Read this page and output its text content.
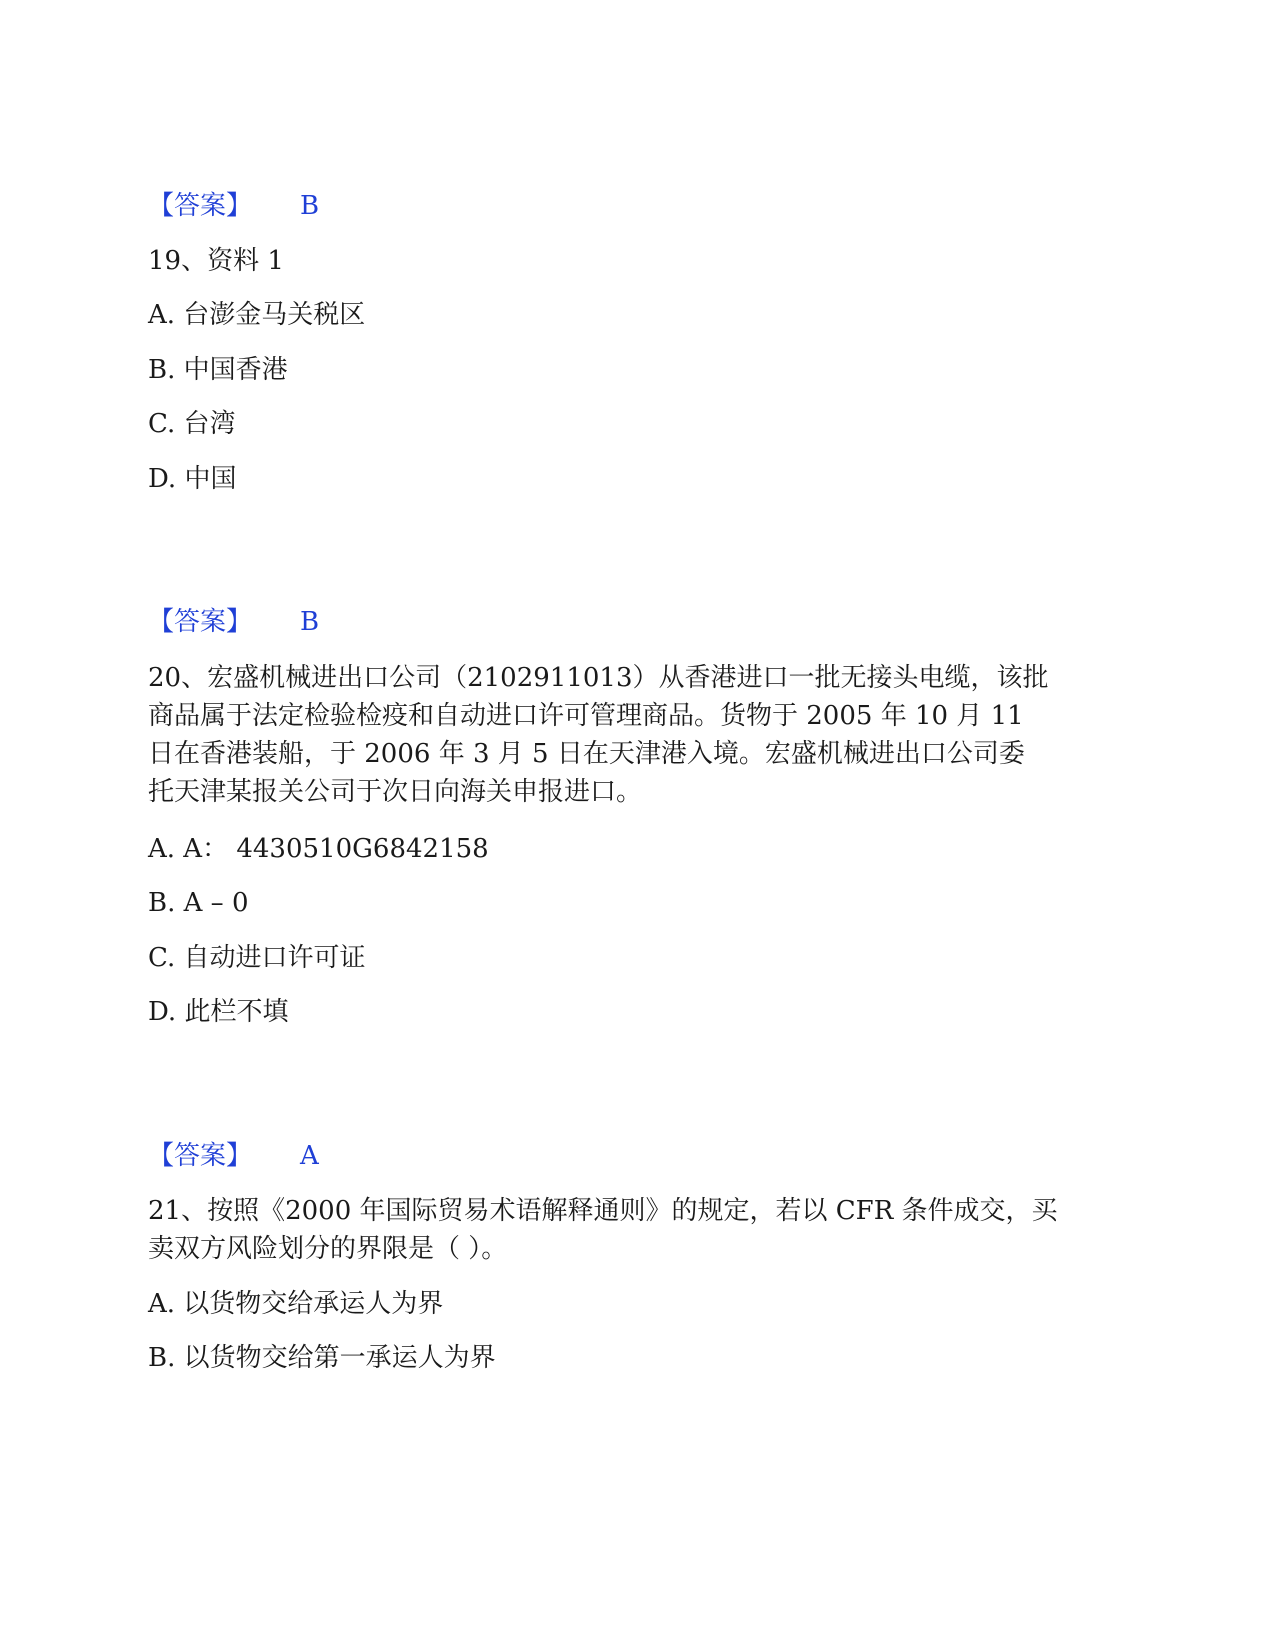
【答案】 B
19、资料 1
A. 台澎金马关税区
B. 中国香港
C. 台湾
D. 中国
【答案】 B
20、宏盛机械进出口公司（2102911013）从香港进口一批无接头电缆，该批
商品属于法定检验检疫和自动进口许可管理商品。货物于 2005 年 10 月 11
日在香港装船，于 2006 年 3 月 5 日在天津港入境。宏盛机械进出口公司委
托天津某报关公司于次日向海关申报进口。
A. A： 4430510G6842158
B. A – 0
C. 自动进口许可证
D. 此栏不填
【答案】 A
21、按照《2000 年国际贸易术语解释通则》的规定，若以 CFR 条件成交，买
卖双方风险划分的界限是（ ）。
A. 以货物交给承运人为界
B. 以货物交给第一承运人为界
